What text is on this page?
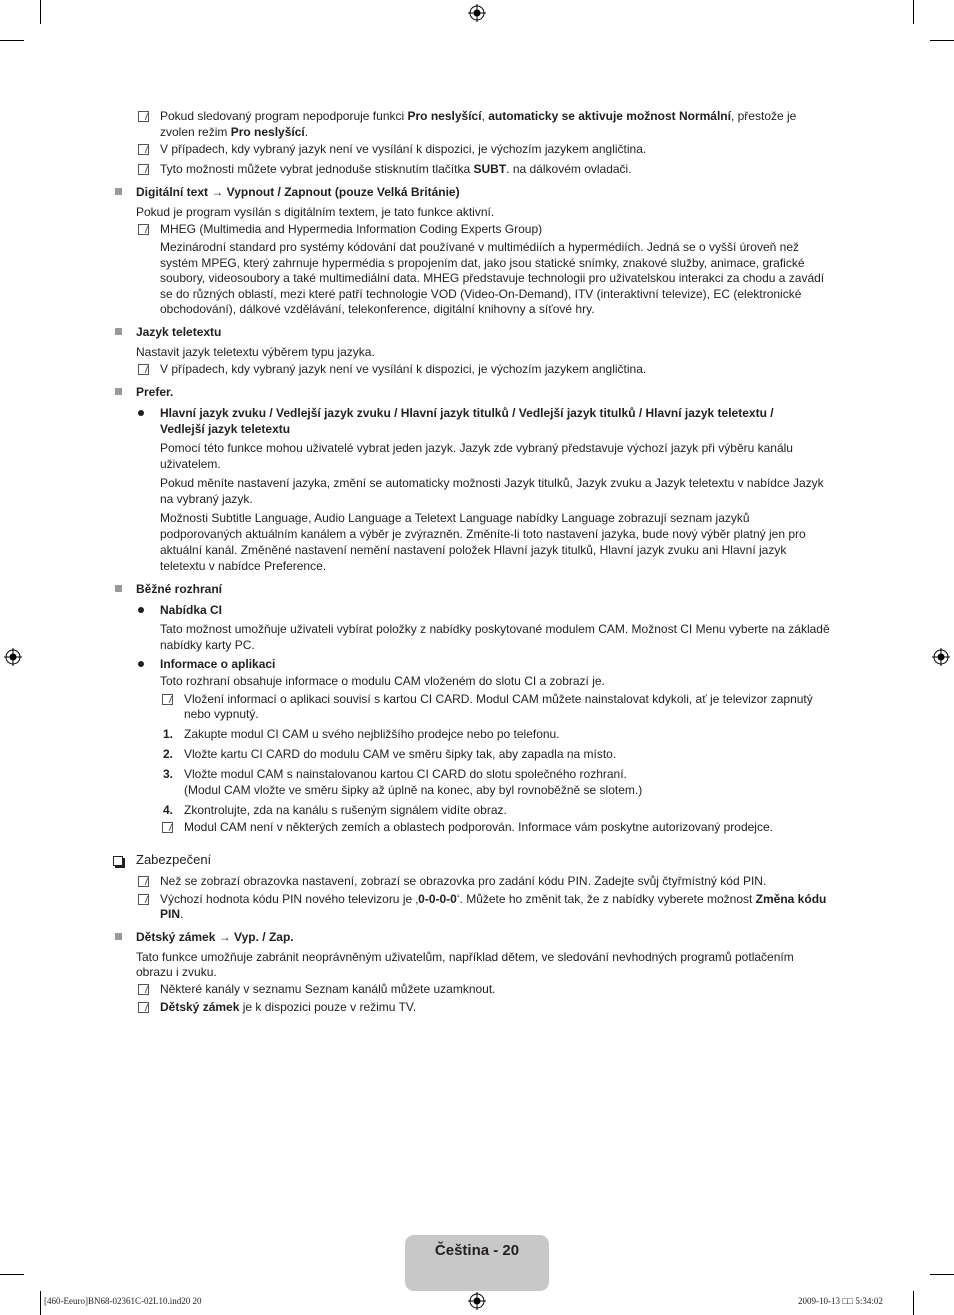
Pokud sledovaný program nepodporuje funkci Pro neslyšící, automaticky se aktivuje možnost Normální, přestože je
zvolen režim Pro neslyšící.
V případech, kdy vybraný jazyk není ve vysílání k dispozici, je výchozím jazykem angličtina.
Tyto možnosti můžete vybrat jednoduše stisknutím tlačítka SUBT. na dálkovém ovladači.
Digitální text → Vypnout / Zapnout (pouze Velká Británie)
Pokud je program vysílán s digitálním textem, je tato funkce aktivní.
MHEG (Multimedia and Hypermedia Information Coding Experts Group)
Mezinárodní standard pro systémy kódování dat používané v multimédiích a hypermédiích. Jedná se o vyšší úroveň než
systém MPEG, který zahrnuje hypermédia s propojením dat, jako jsou statické snímky, znakové služby, animace, grafické
soubory, videosoubory a také multimediální data. MHEG představuje technologii pro uživatelskou interakci za chodu a zavádí
se do různých oblastí, mezi které patří technologie VOD (Video-On-Demand), ITV (interaktivní televize), EC (elektronické
obchodování), dálkové vzdělávání, telekonference, digitální knihovny a síťové hry.
Jazyk teletextu
Nastavit jazyk teletextu výběrem typu jazyka.
V případech, kdy vybraný jazyk není ve vysílání k dispozici, je výchozím jazykem angličtina.
Prefer.
Hlavní jazyk zvuku / Vedlejší jazyk zvuku / Hlavní jazyk titulků / Vedlejší jazyk titulků / Hlavní jazyk teletextu /
Vedlejší jazyk teletextu
Pomocí této funkce mohou uživatelé vybrat jeden jazyk. Jazyk zde vybraný představuje výchozí jazyk při výběru kanálu
uživatelem.
Pokud měníte nastavení jazyka, změní se automaticky možnosti Jazyk titulků, Jazyk zvuku a Jazyk teletextu v nabídce Jazyk
na vybraný jazyk.
Možnosti Subtitle Language, Audio Language a Teletext Language nabídky Language zobrazují seznam jazyků
podporovaných aktuálním kanálem a výběr je zvýrazněn. Změníte-li toto nastavení jazyka, bude nový výběr platný jen pro
aktuální kanál. Změněné nastavení nemění nastavení položek Hlavní jazyk titulků, Hlavní jazyk zvuku ani Hlavní jazyk
teletextu v nabídce Preference.
Běžné rozhraní
Nabídka CI
Tato možnost umožňuje uživateli vybírat položky z nabídky poskytované modulem CAM. Možnost CI Menu vyberte na základě
nabídky karty PC.
Informace o aplikaci
Toto rozhraní obsahuje informace o modulu CAM vloženém do slotu CI a zobrazí je.
Vložení informací o aplikaci souvisí s kartou CI CARD. Modul CAM můžete nainstalovat kdykoli, ať je televizor zapnutý
nebo vypnutý.
1. Zakupte modul CI CAM u svého nejbližšího prodejce nebo po telefonu.
2. Vložte kartu CI CARD do modulu CAM ve směru šipky tak, aby zapadla na místo.
3. Vložte modul CAM s nainstalovanou kartou CI CARD do slotu společného rozhraní.
(Modul CAM vložte ve směru šipky až úplně na konec, aby byl rovnoběžně se slotem.)
4. Zkontrolujte, zda na kanálu s rušeným signálem vidíte obraz.
Modul CAM není v některých zemích a oblastech podporován. Informace vám poskytne autorizovaný prodejce.
Zabezpečení
Než se zobrazí obrazovka nastavení, zobrazí se obrazovka pro zadání kódu PIN. Zadejte svůj čtyřmístný kód PIN.
Výchozí hodnota kódu PIN nového televizoru je ‚0-0-0-0‘. Můžete ho změnit tak, že z nabídky vyberete možnost Změna kódu
PIN.
Dětský zámek → Vyp. / Zap.
Tato funkce umožňuje zabránit neoprávněným uživatelům, například dětem, ve sledování nevhodných programů potlačením
obrazu i zvuku.
Některé kanály v seznamu Seznam kanálů můžete uzamknout.
Dětský zámek je k dispozici pouze v režimu TV.
Čeština - 20
[460-Eeuro]BN68-02361C-02L10.ind20 20	2009-10-13 □□ 5:34:02
